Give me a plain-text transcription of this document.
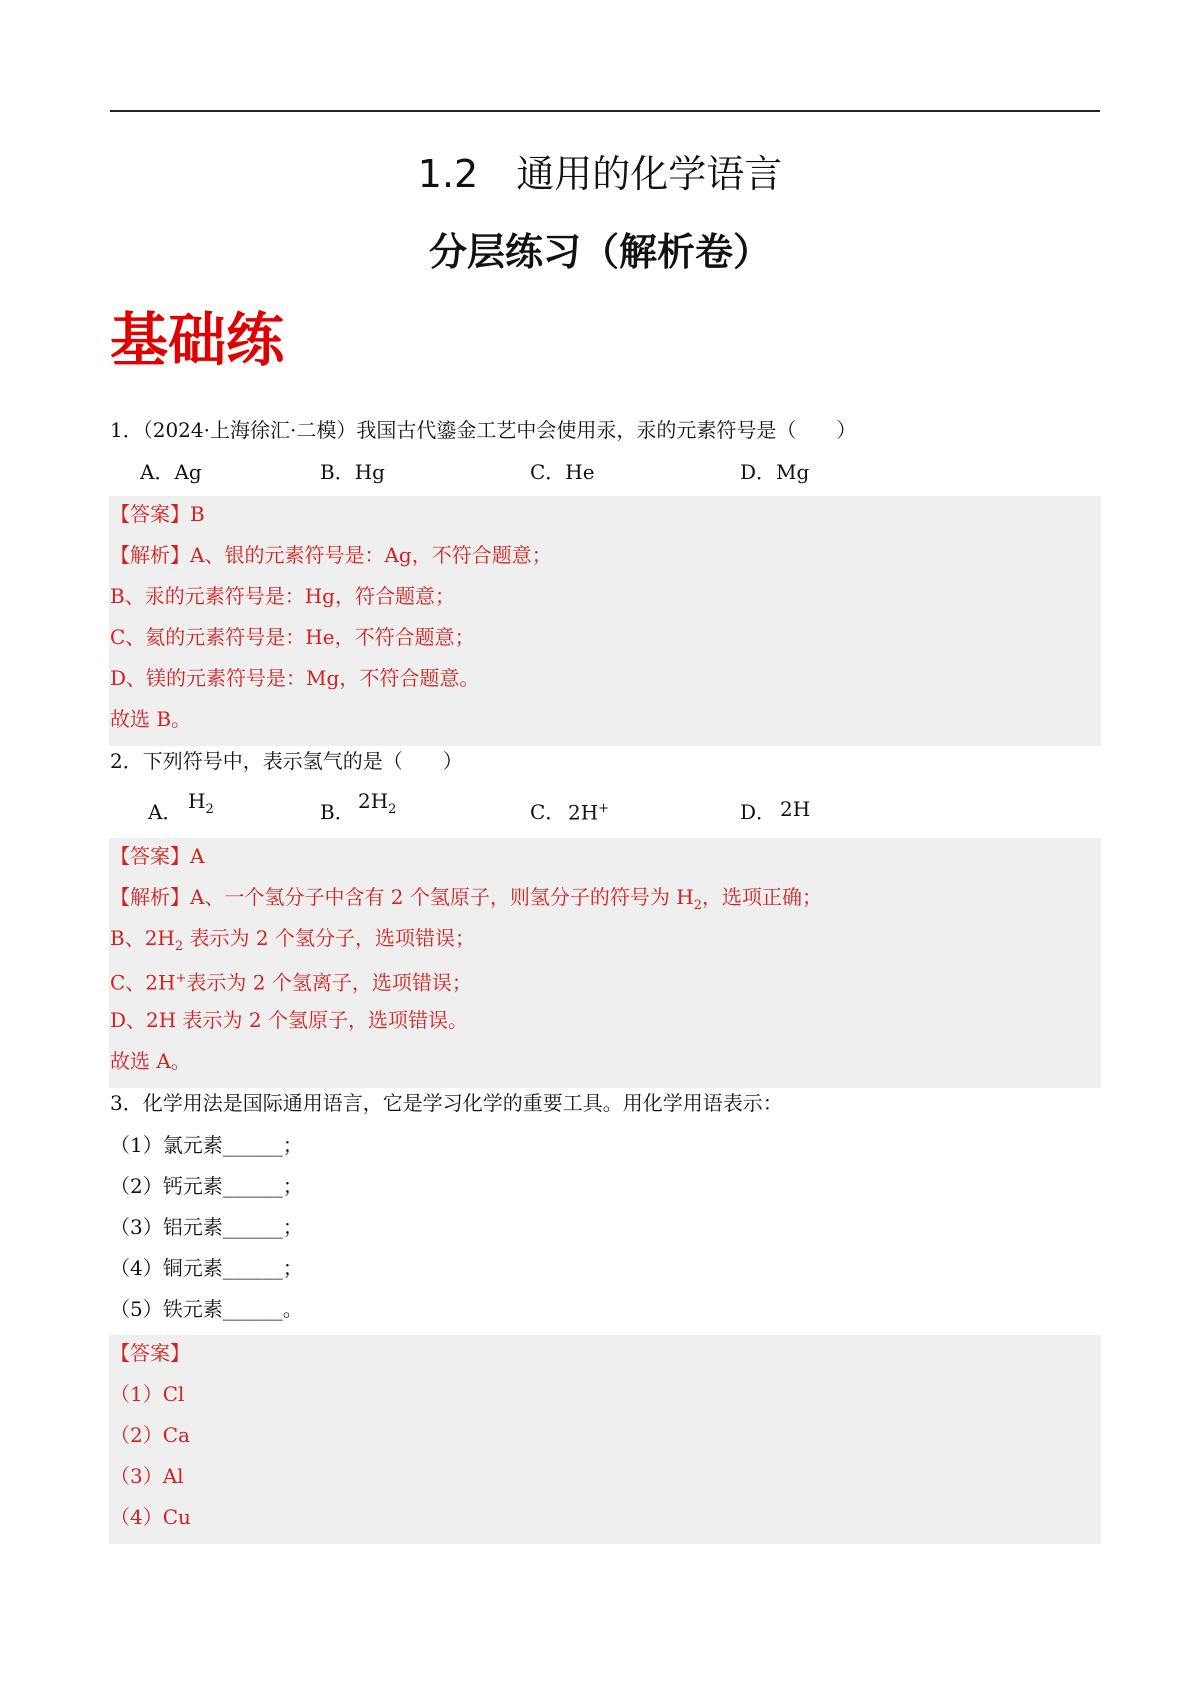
1.2　通用的化学语言
分层练习（解析卷）
基础练
1．（2024·上海徐汇·二模）我国古代鎏金工艺中会使用汞，汞的元素符号是（　　）
A．Ag	B．Hg	C．He	D．Mg
【答案】B
【解析】A、银的元素符号是：Ag，不符合题意；
B、汞的元素符号是：Hg，符合题意；
C、氦的元素符号是：He，不符合题意；
D、镁的元素符号是：Mg，不符合题意。
故选 B。
2．下列符号中，表示氢气的是（　　）
A． $H_2$	B． $2H_2$	C． 2H+	D． 2H
【答案】A
【解析】A、一个氢分子中含有 2 个氢原子，则氢分子的符号为 $H_2$，选项正确；
B、$2H_2$ 表示为 2 个氢分子，选项错误；
C、2H+表示为 2 个氢离子，选项错误；
D、2H 表示为 2 个氢原子，选项错误。
故选 A。
3．化学用法是国际通用语言，它是学习化学的重要工具。用化学用语表示：
（1）氯元素______；
（2）钙元素______；
（3）铝元素______；
（4）铜元素______；
（5）铁元素______。
【答案】
（1）Cl
（2）Ca
（3）Al
（4）Cu
